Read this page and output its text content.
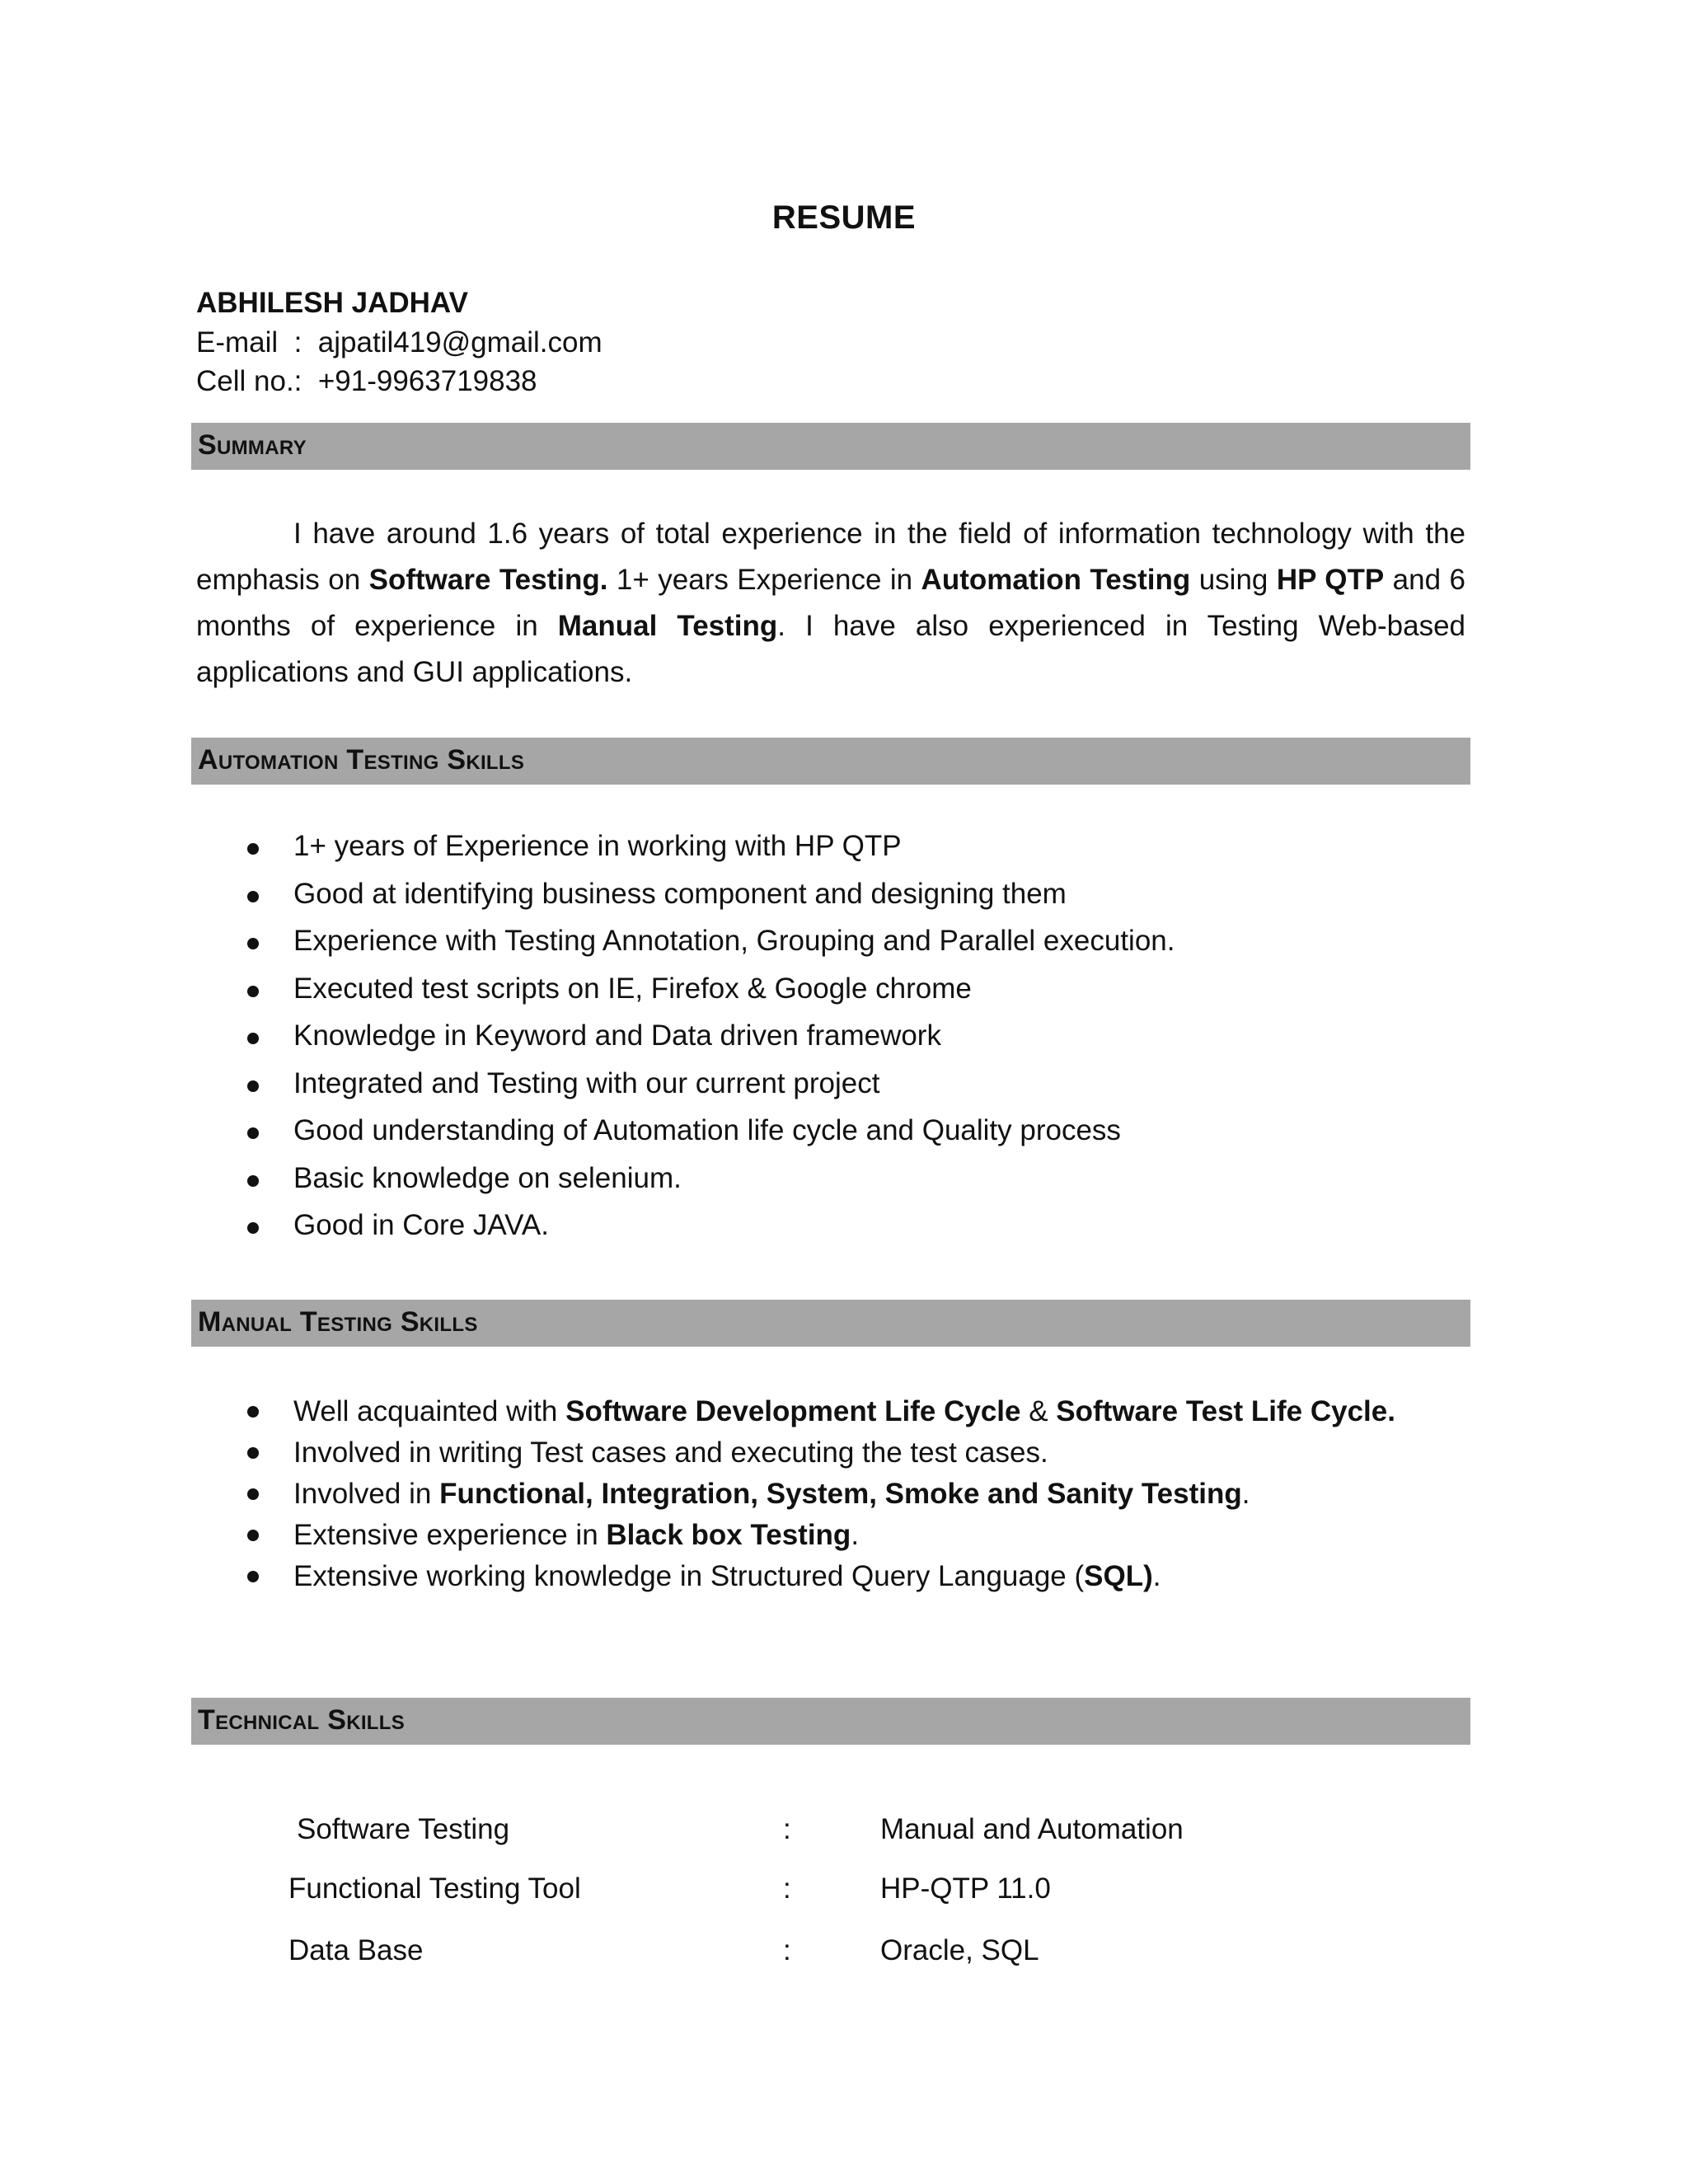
RESUME
ABHILESH JADHAV
E-mail  :  ajpatil419@gmail.com
Cell no.:  +91-9963719838
Summary
I have around 1.6 years of total experience in the field of information technology with the emphasis on Software Testing. 1+ years Experience in Automation Testing using HP QTP and 6 months of experience in Manual Testing. I have also experienced in Testing Web-based applications and GUI applications.
Automation Testing Skills
1+ years of Experience in working with HP QTP
Good at identifying business component and designing them
Experience with Testing Annotation, Grouping and Parallel execution.
Executed test scripts on IE, Firefox & Google chrome
Knowledge in Keyword and Data driven framework
Integrated and Testing with our current project
Good understanding of Automation life cycle and Quality process
Basic knowledge on selenium.
Good in Core JAVA.
Manual Testing Skills
Well acquainted with Software Development Life Cycle & Software Test Life Cycle.
Involved in writing Test cases and executing the test cases.
Involved in Functional, Integration, System, Smoke and Sanity Testing.
Extensive experience in Black box Testing.
Extensive working knowledge in Structured Query Language (SQL).
Technical Skills
Software Testing	:	Manual and Automation
Functional Testing Tool	:	HP-QTP 11.0
Data Base	:	Oracle, SQL
